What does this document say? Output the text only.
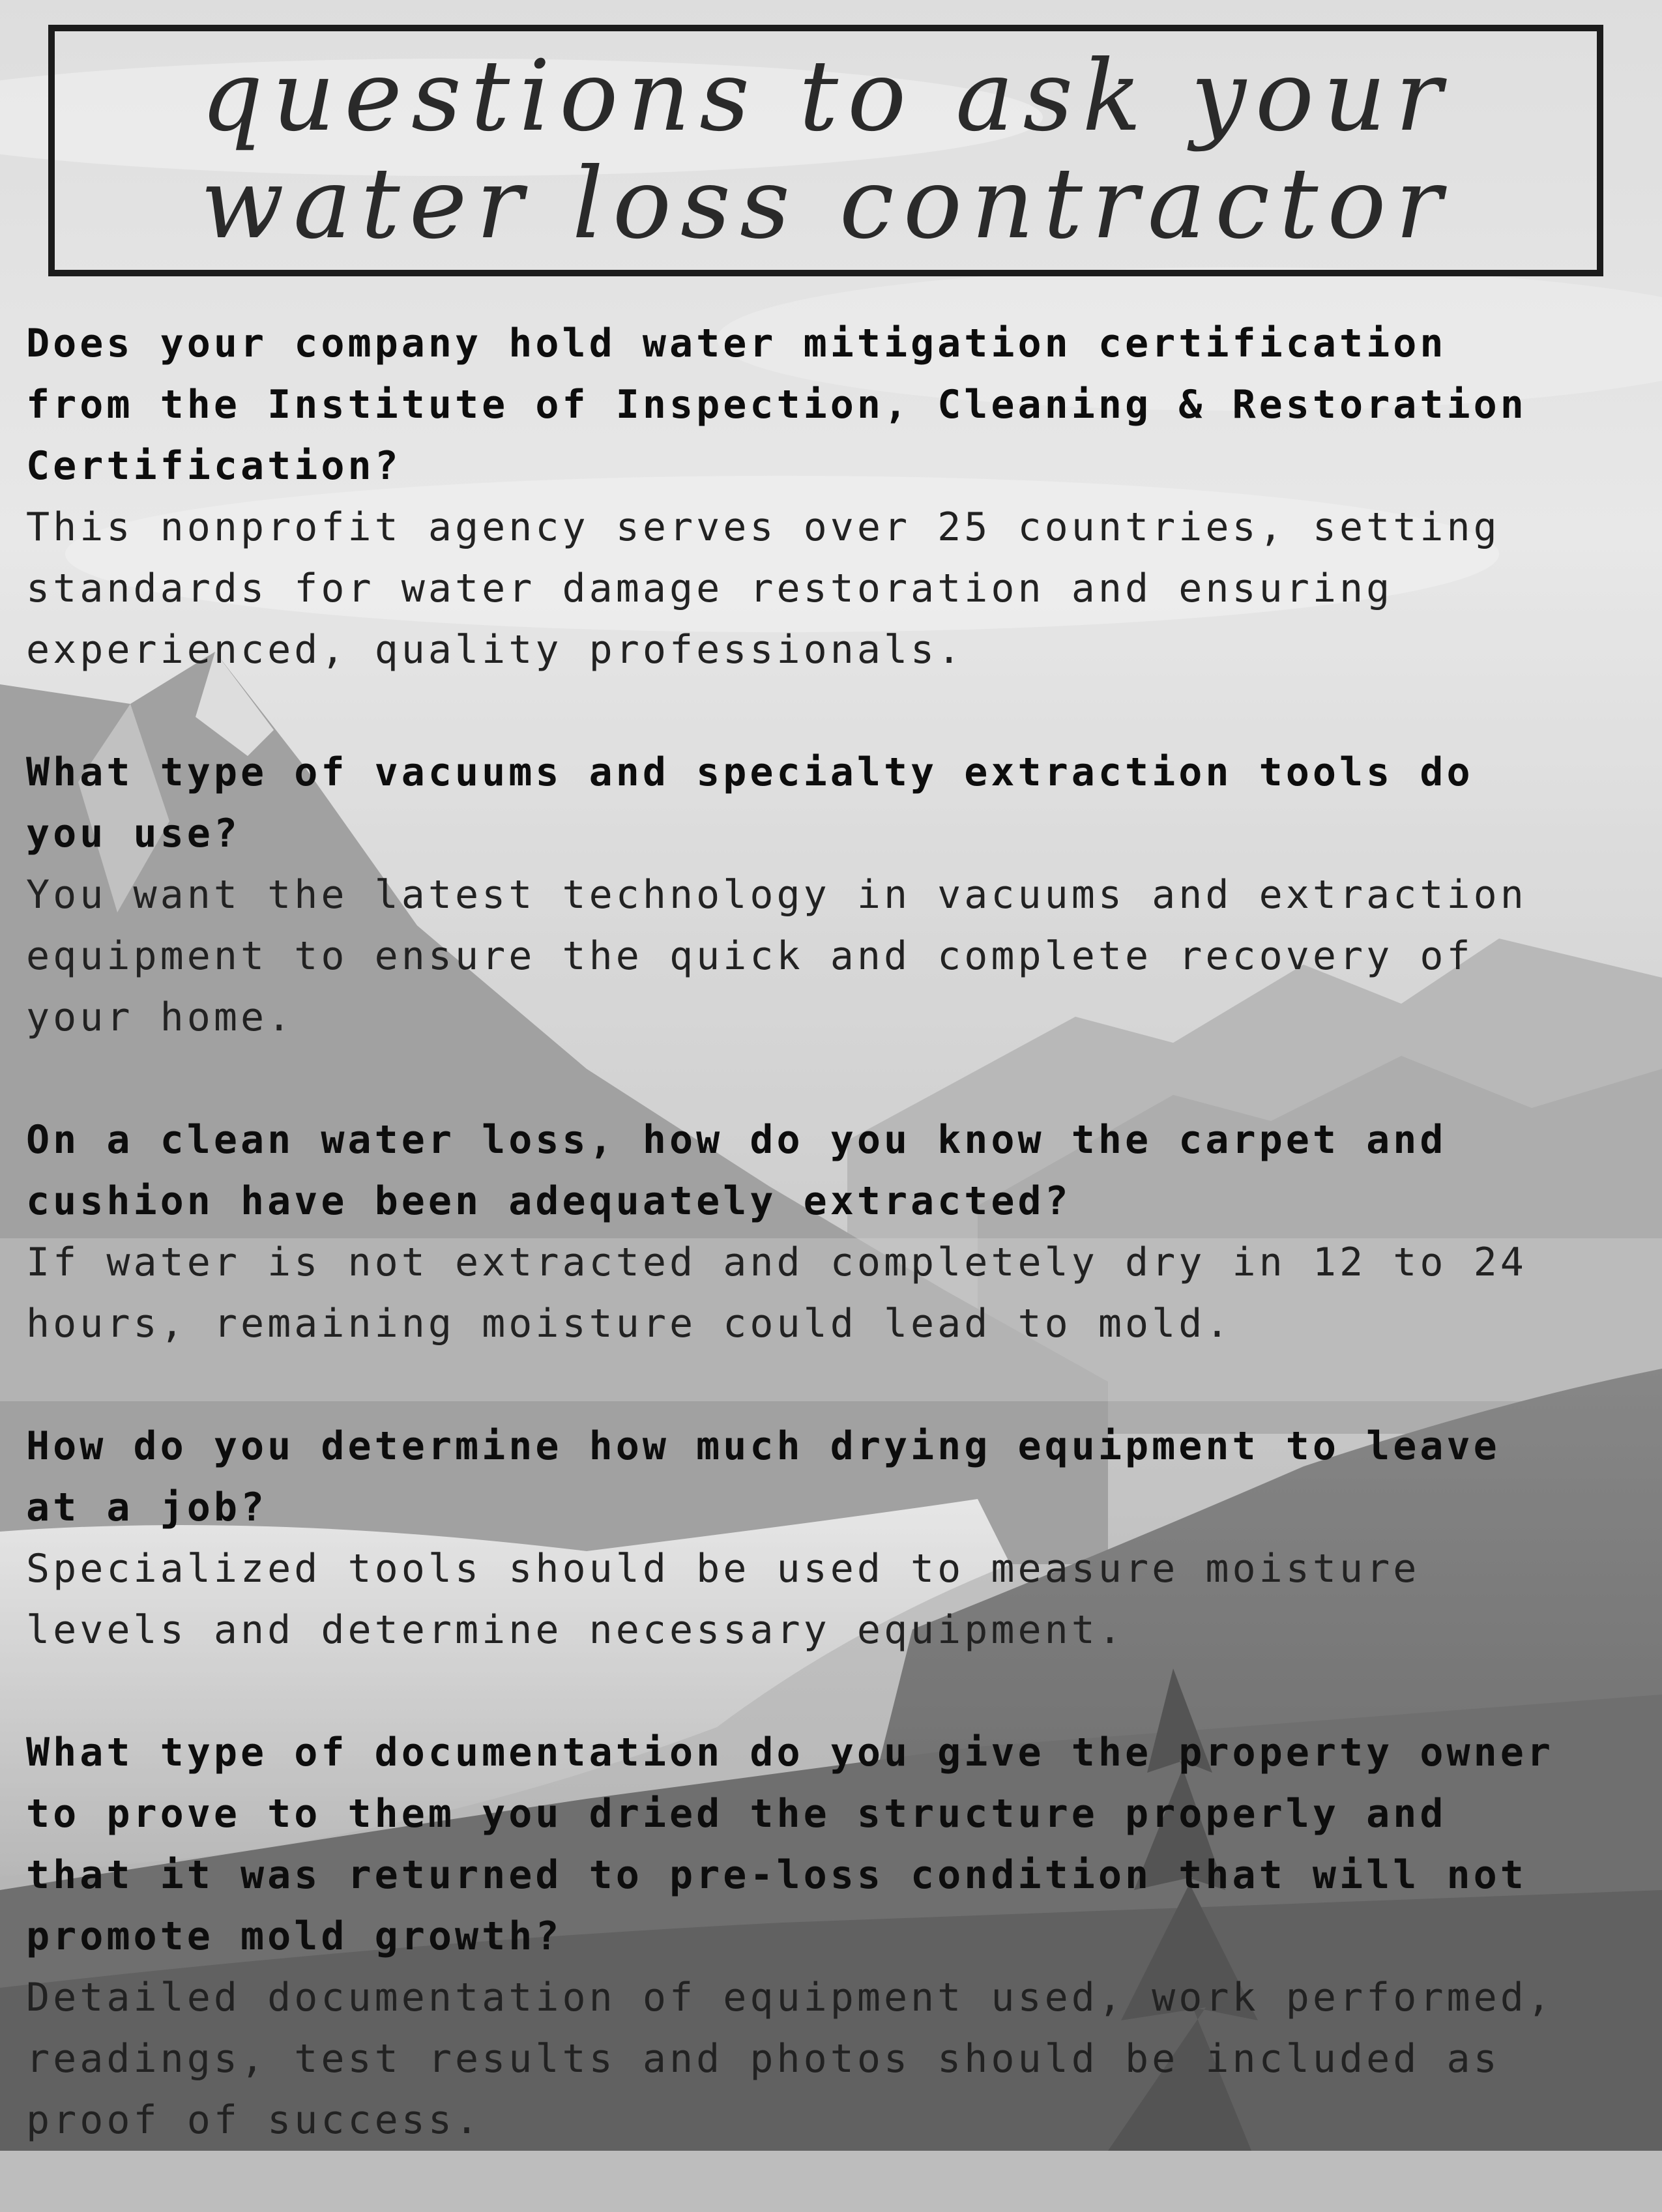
questions to ask your
water loss contractor
Does your company hold water mitigation certification
from the Institute of Inspection, Cleaning & Restoration
Certification?
This nonprofit agency serves over 25 countries, setting
standards for water damage restoration and ensuring
experienced, quality professionals.
What type of vacuums and specialty extraction tools do
you use?
You want the latest technology in vacuums and extraction
equipment to ensure the quick and complete recovery of
your home.
On a clean water loss, how do you know the carpet and
cushion have been adequately extracted?
If water is not extracted and completely dry in 12 to 24
hours, remaining moisture could lead to mold.
How do you determine how much drying equipment to leave
at a job?
Specialized tools should be used to measure moisture
levels and determine necessary equipment.
What type of documentation do you give the property owner
to prove to them you dried the structure properly and
that it was returned to pre-loss condition that will not
promote mold growth?
Detailed documentation of equipment used, work performed,
readings, test results and photos should be included as
proof of success.
